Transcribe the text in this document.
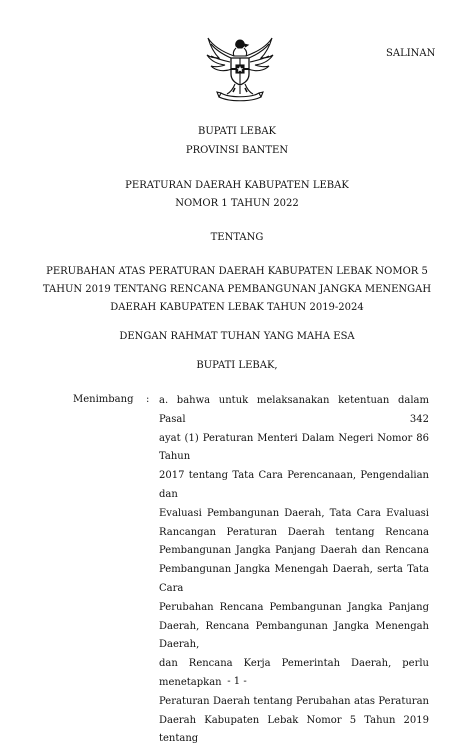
SALINAN
BUPATI LEBAK
PROVINSI BANTEN
PERATURAN DAERAH KABUPATEN LEBAK
NOMOR 1 TAHUN 2022
TENTANG
PERUBAHAN ATAS PERATURAN DAERAH KABUPATEN LEBAK NOMOR 5
TAHUN 2019 TENTANG RENCANA PEMBANGUNAN JANGKA MENENGAH
DAERAH KABUPATEN LEBAK TAHUN 2019-2024
DENGAN RAHMAT TUHAN YANG MAHA ESA
BUPATI LEBAK,
Menimbang : a. bahwa untuk melaksanakan ketentuan dalam Pasal 342
ayat (1) Peraturan Menteri Dalam Negeri Nomor 86 Tahun
2017 tentang Tata Cara Perencanaan, Pengendalian dan
Evaluasi Pembangunan Daerah, Tata Cara Evaluasi
Rancangan Peraturan Daerah tentang Rencana
Pembangunan Jangka Panjang Daerah dan Rencana
Pembangunan Jangka Menengah Daerah, serta Tata Cara
Perubahan Rencana Pembangunan Jangka Panjang
Daerah, Rencana Pembangunan Jangka Menengah Daerah,
dan Rencana Kerja Pemerintah Daerah, perlu menetapkan
Peraturan Daerah tentang Perubahan atas Peraturan
Daerah Kabupaten Lebak Nomor 5 Tahun 2019 tentang
- 1 -
